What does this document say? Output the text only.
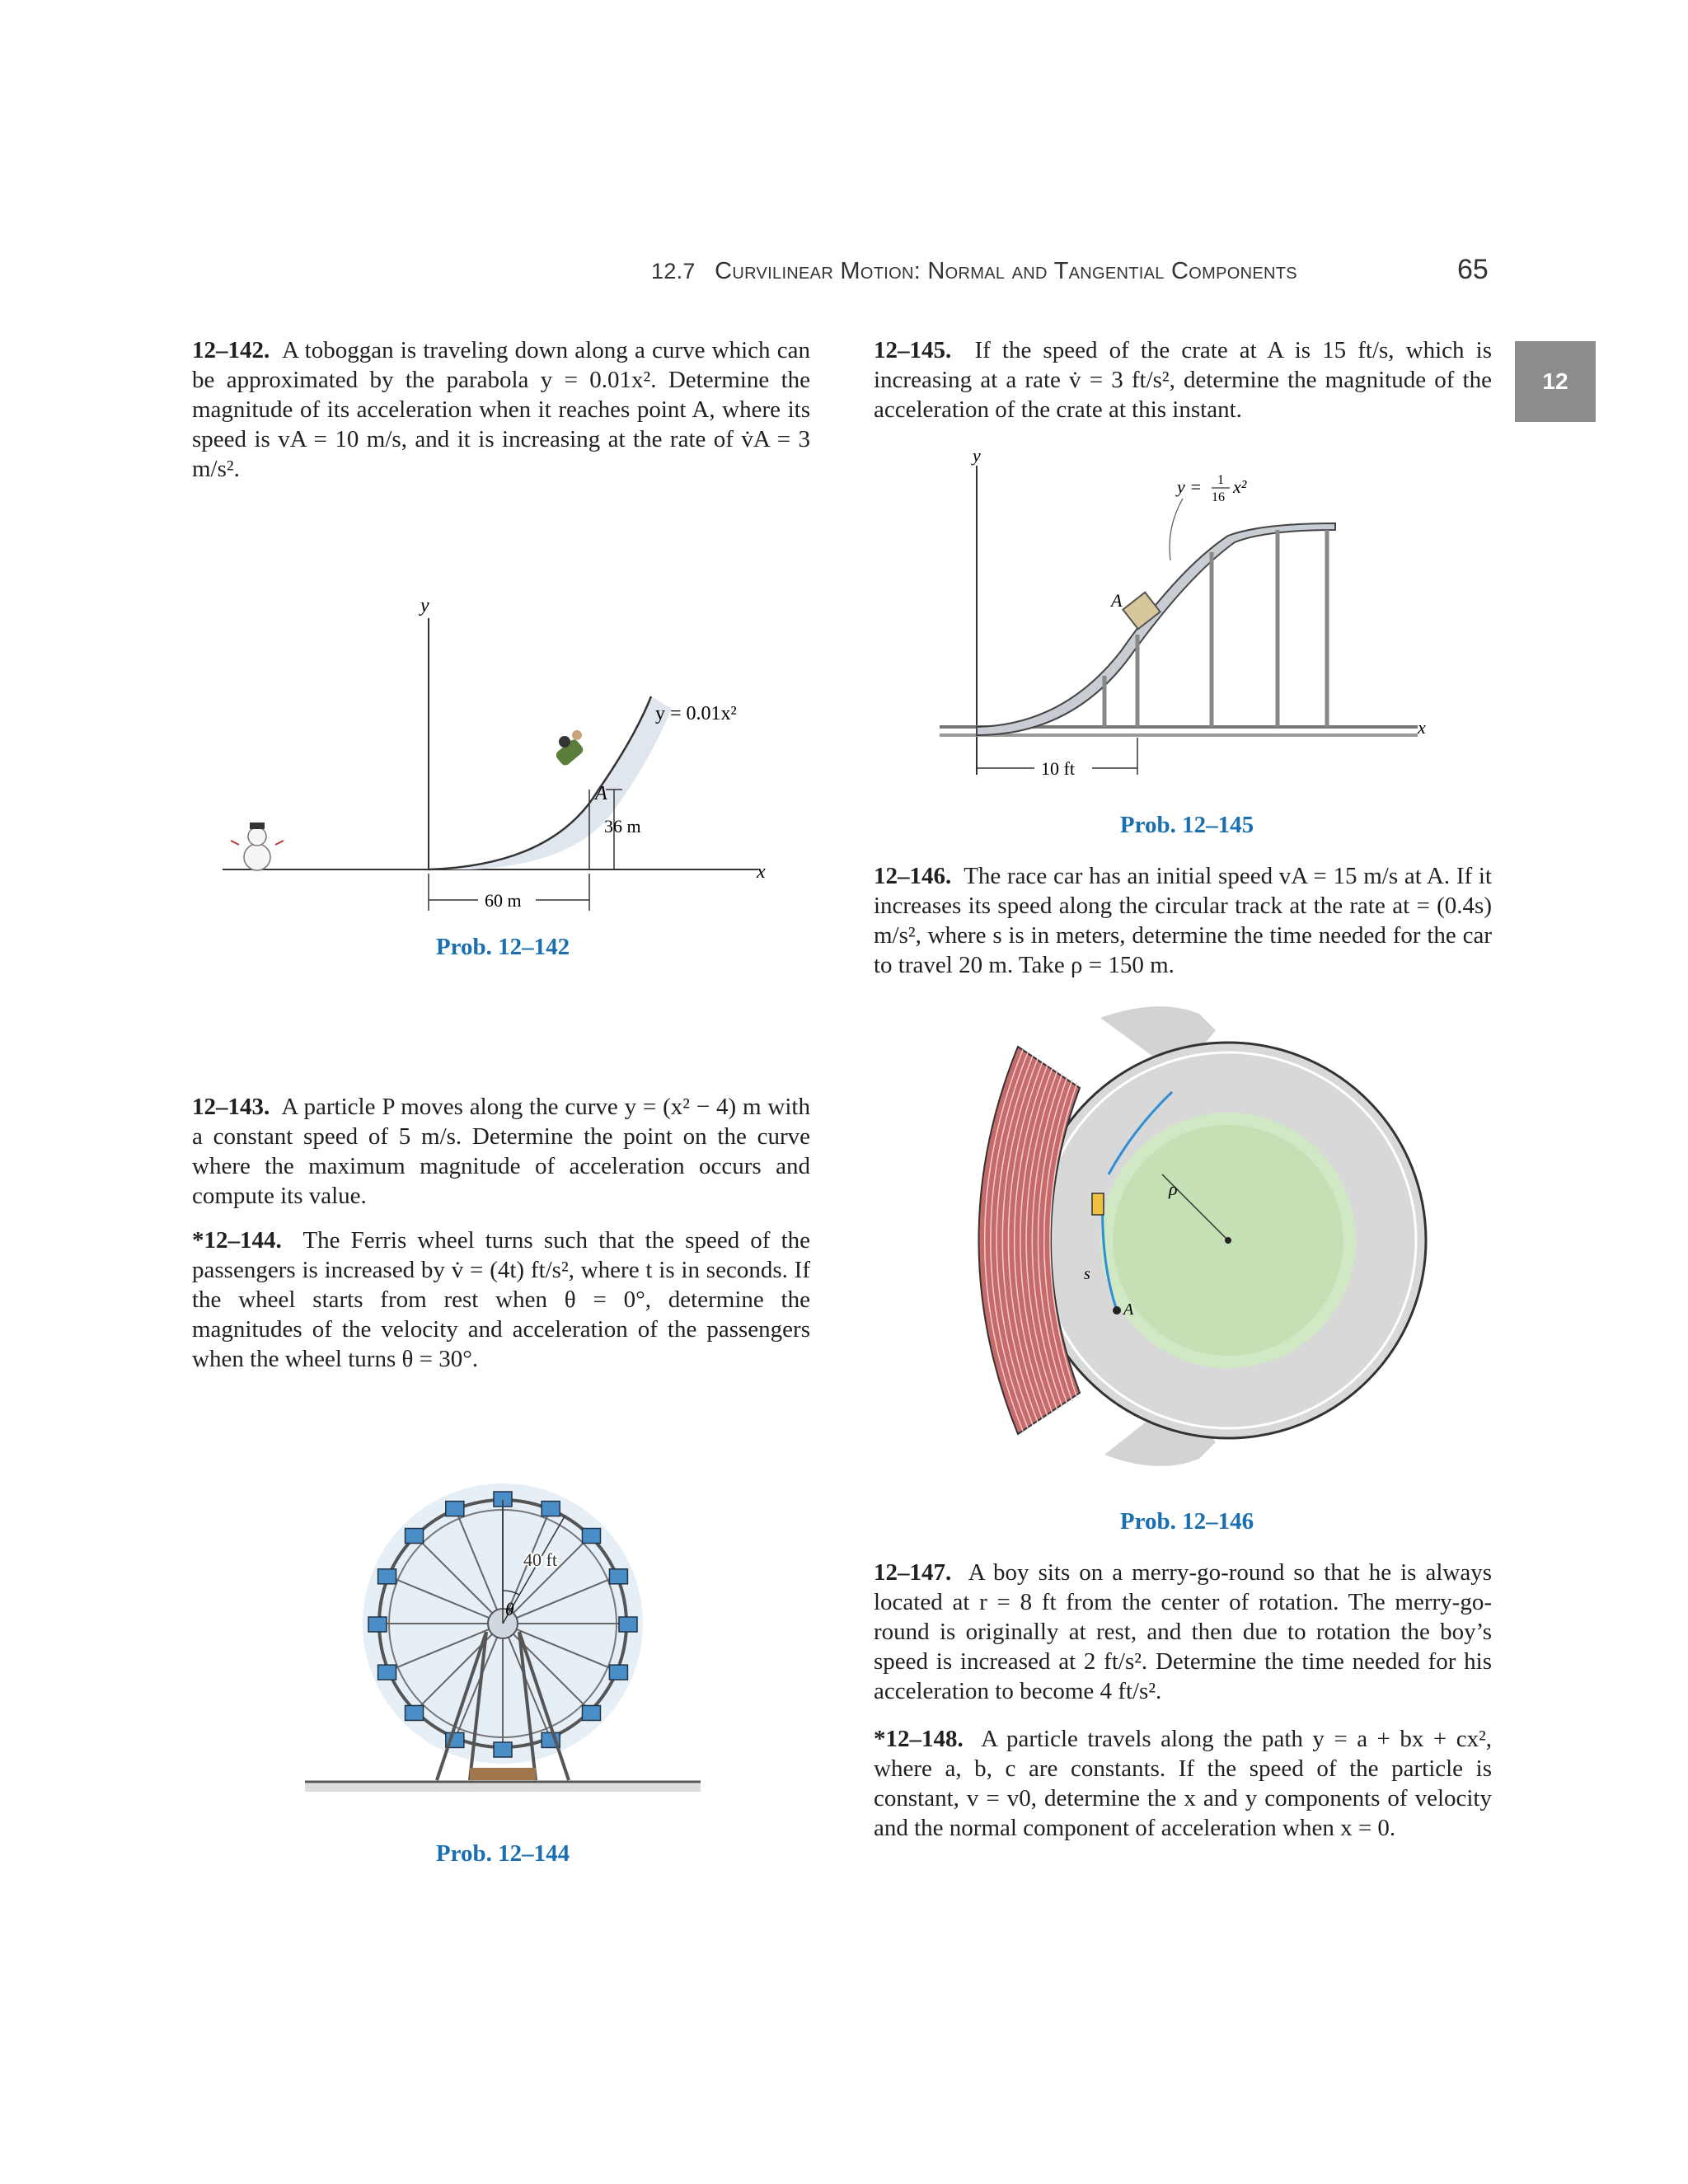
12.7 Curvilinear Motion: Normal and Tangential Components	65
12
12–142. A toboggan is traveling down along a curve which can be approximated by the parabola y = 0.01x². Determine the magnitude of its acceleration when it reaches point A, where its speed is vA = 10 m/s, and it is increasing at the rate of v̇A = 3 m/s².
y
x
y = 0.01x²
A
36 m
60 m
Prob. 12–142
12–143. A particle P moves along the curve y = (x² − 4) m with a constant speed of 5 m/s. Determine the point on the curve where the maximum magnitude of acceleration occurs and compute its value.
*12–144. The Ferris wheel turns such that the speed of the passengers is increased by v̇ = (4t) ft/s², where t is in seconds. If the wheel starts from rest when θ = 0°, determine the magnitudes of the velocity and acceleration of the passengers when the wheel turns θ = 30°.
40 ft
θ
Prob. 12–144
12–145. If the speed of the crate at A is 15 ft/s, which is increasing at a rate v̇ = 3 ft/s², determine the magnitude of the acceleration of the crate at this instant.
y
x
A
y = 1
16
x²
10 ft
Prob. 12–145
12–146. The race car has an initial speed vA = 15 m/s at A. If it increases its speed along the circular track at the rate at = (0.4s) m/s², where s is in meters, determine the time needed for the car to travel 20 m. Take ρ = 150 m.
A
s
ρ
Prob. 12–146
12–147. A boy sits on a merry-go-round so that he is always located at r = 8 ft from the center of rotation. The merry-go-round is originally at rest, and then due to rotation the boy’s speed is increased at 2 ft/s². Determine the time needed for his acceleration to become 4 ft/s².
*12–148. A particle travels along the path y = a + bx + cx², where a, b, c are constants. If the speed of the particle is constant, v = v0, determine the x and y components of velocity and the normal component of acceleration when x = 0.
